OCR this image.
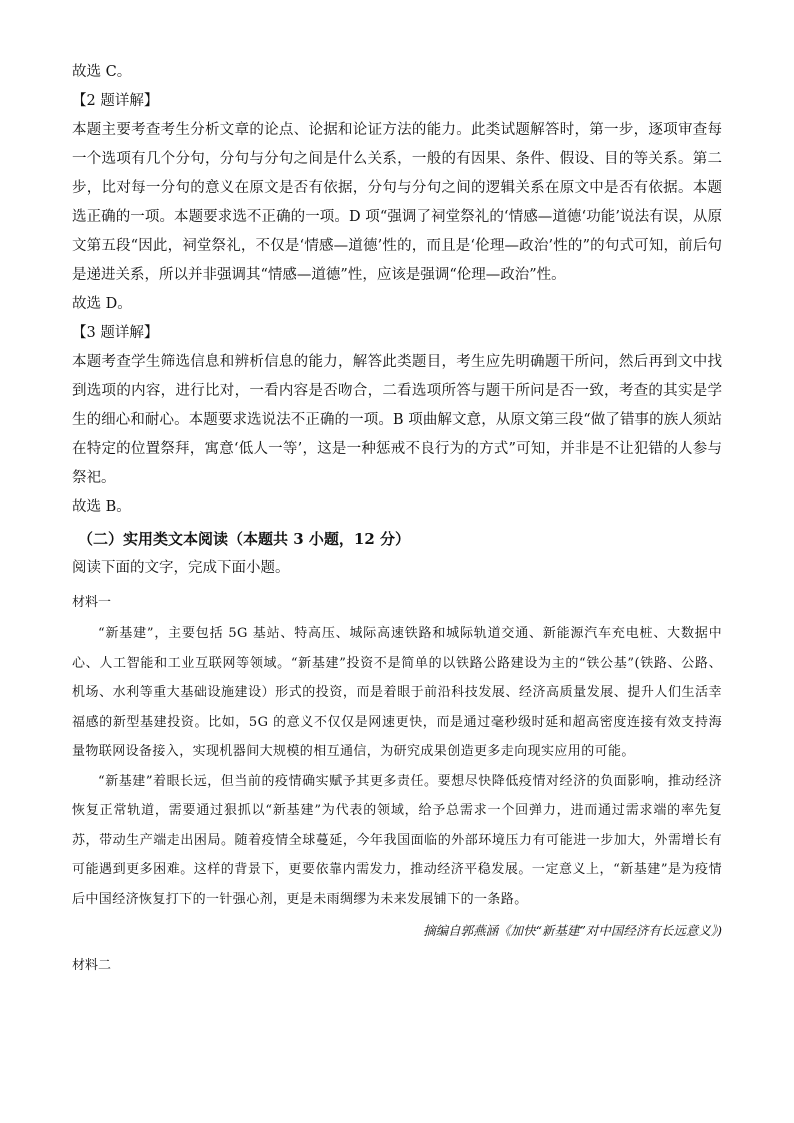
故选 C。

【2 题详解】

本题主要考查考生分析文章的论点、论据和论证方法的能力。此类试题解答时，第一步，逐项审查每一个选项有几个分句，分句与分句之间是什么关系，一般的有因果、条件、假设、目的等关系。第二步，比对每一分句的意义在原文是否有依据，分句与分句之间的逻辑关系在原文中是否有依据。本题选正确的一项。本题要求选不正确的一项。D 项“强调了祠堂祭礼的‘情感—道德‘功能’说法有误，从原文第五段“因此，祠堂祭礼，不仅是‘情感—道德’性的，而且是‘伦理—政治’性的”的句式可知，前后句是递进关系，所以并非强调其“情感—道德”性，应该是强调“伦理—政治”性。

故选 D。

【3 题详解】

本题考查学生筛选信息和辨析信息的能力，解答此类题目，考生应先明确题干所问，然后再到文中找到选项的内容，进行比对，一看内容是否吻合，二看选项所答与题干所问是否一致，考查的其实是学生的细心和耐心。本题要求选说法不正确的一项。B 项曲解文意，从原文第三段“做了错事的族人须站在特定的位置祭拜，寓意‘低人一等’，这是一种惩戒不良行为的方式”可知，并非是不让犯错的人参与祭祀。

故选 B。

（二）实用类文本阅读（本题共 3 小题，12 分）

阅读下面的文字，完成下面小题。

材料一

“新基建”，主要包括 5G 基站、特高压、城际高速铁路和城际轨道交通、新能源汽车充电桩、大数据中心、人工智能和工业互联网等领域。“新基建”投资不是简单的以铁路公路建设为主的“铁公基”(铁路、公路、机场、水利等重大基础设施建设）形式的投资，而是着眼于前沿科技发展、经济高质量发展、提升人们生活幸福感的新型基建投资。比如，5G 的意义不仅仅是网速更快，而是通过毫秒级时延和超高密度连接有效支持海量物联网设备接入，实现机器间大规模的相互通信，为研究成果创造更多走向现实应用的可能。

“新基建”着眼长远，但当前的疫情确实赋予其更多责任。要想尽快降低疫情对经济的负面影响，推动经济恢复正常轨道，需要通过狠抓以“新基建”为代表的领域，给予总需求一个回弹力，进而通过需求端的率先复苏，带动生产端走出困局。随着疫情全球蔓延，今年我国面临的外部环境压力有可能进一步加大，外需增长有可能遇到更多困难。这样的背景下，更要依靠内需发力，推动经济平稳发展。一定意义上，“新基建”是为疫情后中国经济恢复打下的一针强心剂，更是未雨绸缪为未来发展铺下的一条路。

摘编自郭燕涵《加快“新基建”对中国经济有长远意义》)

材料二
